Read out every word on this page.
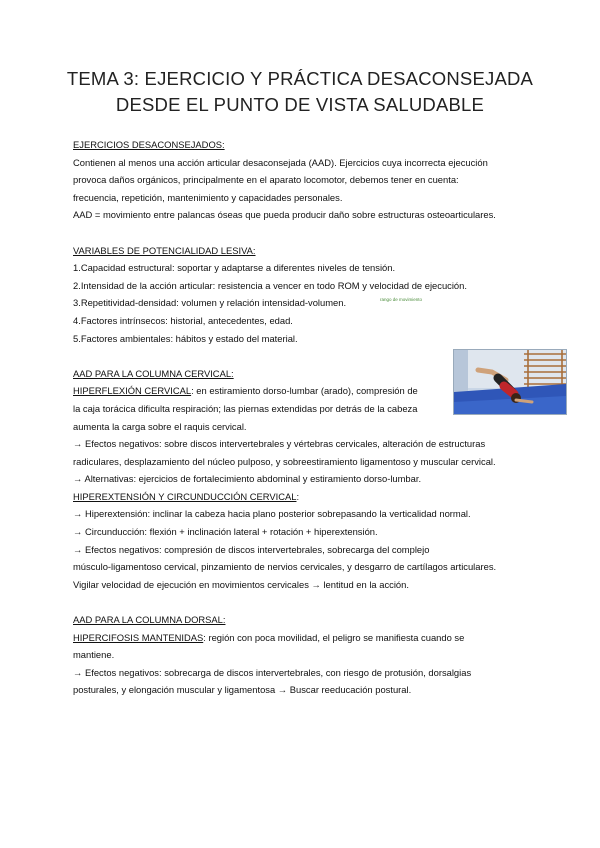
TEMA 3: EJERCICIO Y PRÁCTICA DESACONSEJADA
DESDE EL PUNTO DE VISTA SALUDABLE

EJERCICIOS DESACONSEJADOS:

Contienen al menos una acción articular desaconsejada (AAD). Ejercicios cuya incorrecta ejecución

provoca daños orgánicos, principalmente en el aparato locomotor, debemos tener en cuenta:

frecuencia, repetición, mantenimiento y capacidades personales.

AAD = movimiento entre palancas óseas que pueda producir daño sobre estructuras osteoarticulares.

VARIABLES DE POTENCIALIDAD LESIVA:

1.Capacidad estructural: soportar y adaptarse a diferentes niveles de tensión.

2.Intensidad de la acción articular: resistencia a vencer en todo ROM y velocidad de ejecución.

3.Repetitividad-densidad: volumen y relación intensidad-volumen.	rango de movimiento

4.Factores intrínsecos: historial, antecedentes, edad.

5.Factores ambientales: hábitos y estado del material.

AAD PARA LA COLUMNA CERVICAL:

HIPERFLEXIÓN CERVICAL: en estiramiento dorso-lumbar (arado), compresión de

la caja torácica dificulta respiración; las piernas extendidas por detrás de la cabeza

aumenta la carga sobre el raquis cervical.

→ Efectos negativos: sobre discos intervertebrales y vértebras cervicales, alteración de estructuras

radiculares, desplazamiento del núcleo pulposo, y sobreestiramiento ligamentoso y muscular cervical.

→ Alternativas: ejercicios de fortalecimiento abdominal y estiramiento dorso-lumbar.

HIPEREXTENSIÓN Y CIRCUNDUCCIÓN CERVICAL:

→ Hiperextensión: inclinar la cabeza hacia plano posterior sobrepasando la verticalidad normal.

→ Circunducción: flexión + inclinación lateral + rotación + hiperextensión.

→ Efectos negativos: compresión de discos intervertebrales, sobrecarga del complejo

músculo-ligamentoso cervical, pinzamiento de nervios cervicales, y desgarro de cartílagos articulares.

Vigilar velocidad de ejecución en movimientos cervicales → lentitud en la acción.

AAD PARA LA COLUMNA DORSAL:

HIPERCIFOSIS MANTENIDAS: región con poca movilidad, el peligro se manifiesta cuando se

mantiene.

→ Efectos negativos: sobrecarga de discos intervertebrales, con riesgo de protusión, dorsalgias

posturales, y elongación muscular y ligamentosa → Buscar reeducación postural.
